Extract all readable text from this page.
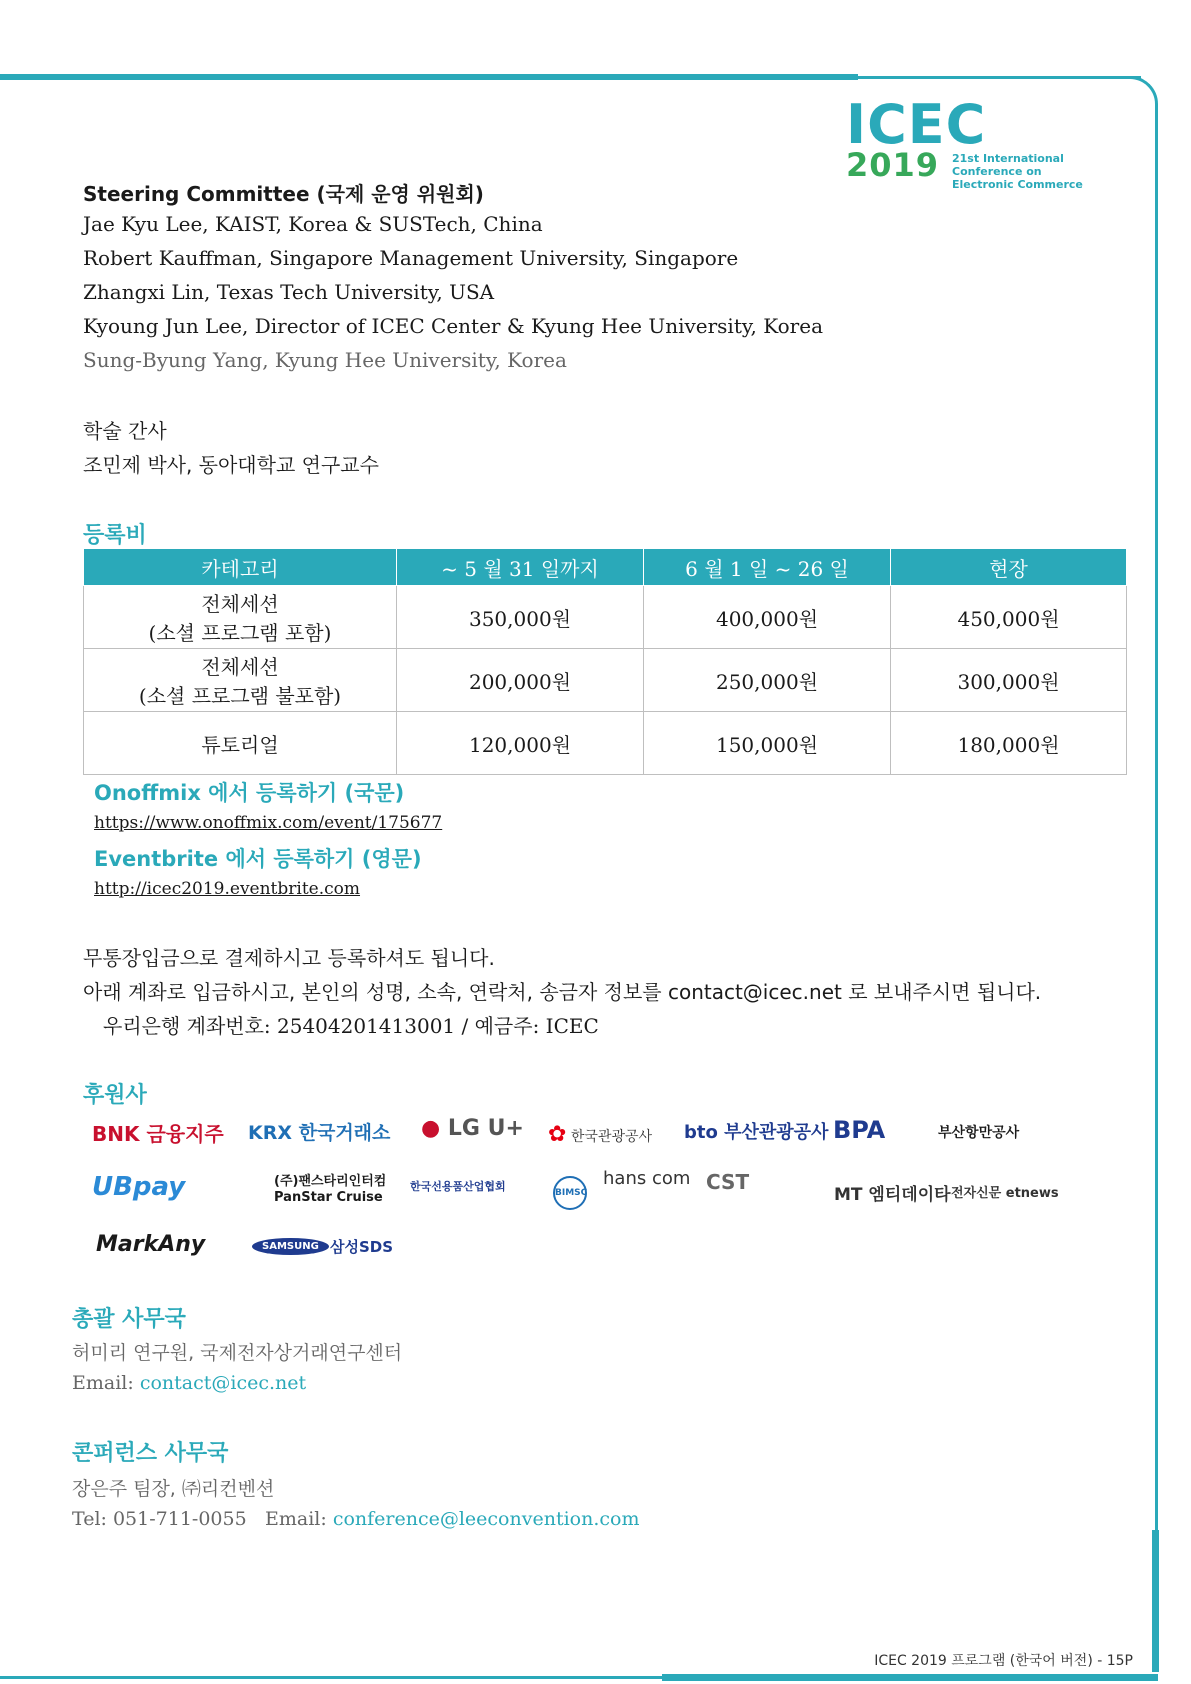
ICEC
2019 21st International Conference on
Electronic Commerce
Steering Committee (국제 운영 위원회)
Jae Kyu Lee, KAIST, Korea & SUSTech, China
Robert Kauffman, Singapore Management University, Singapore
Zhangxi Lin, Texas Tech University, USA
Kyoung Jun Lee, Director of ICEC Center & Kyung Hee University, Korea
Sung-Byung Yang, Kyung Hee University, Korea
학술 간사
조민제 박사, 동아대학교 연구교수
등록비
카테고리	~ 5 월 31 일까지	6 월 1 일 ~ 26 일	현장

전체세션
(소셜 프로그램 포함)	350,000원	400,000원	450,000원

전체세션
(소셜 프로그램 불포함)	200,000원	250,000원	300,000원

튜토리얼	120,000원	150,000원	180,000원
Onoffmix 에서 등록하기 (국문)
https://www.onoffmix.com/event/175677
Eventbrite 에서 등록하기 (영문)
http://icec2019.eventbrite.com
무통장입금으로 결제하시고 등록하셔도 됩니다.
아래 계좌로 입금하시고, 본인의 성명, 소속, 연락처, 송금자 정보를 contact@icec.net 로 보내주시면 됩니다.
우리은행 계좌번호: 25404201413001 / 예금주: ICEC
후원사
BNK 금융지주 KRX 한국거래소 ● LG U+ ✿ 한국관광공사 bto 부산관광공사 BPA	부산항만공사
UBpay	(주)팬스타리인터컴
PanStar Cruise
한국선용품산업협회	BIMSC
hans com CST
MT 엠티데이타 전자신문 etnews
MarkAny	SAMSUNG 삼성SDS
총괄 사무국
허미리 연구원, 국제전자상거래연구센터
Email: contact@icec.net
콘퍼런스 사무국
장은주 팀장, ㈜리컨벤션
Tel: 051-711-0055 Email: conference@leeconvention.com
ICEC 2019 프로그램 (한국어 버전) - 15P
